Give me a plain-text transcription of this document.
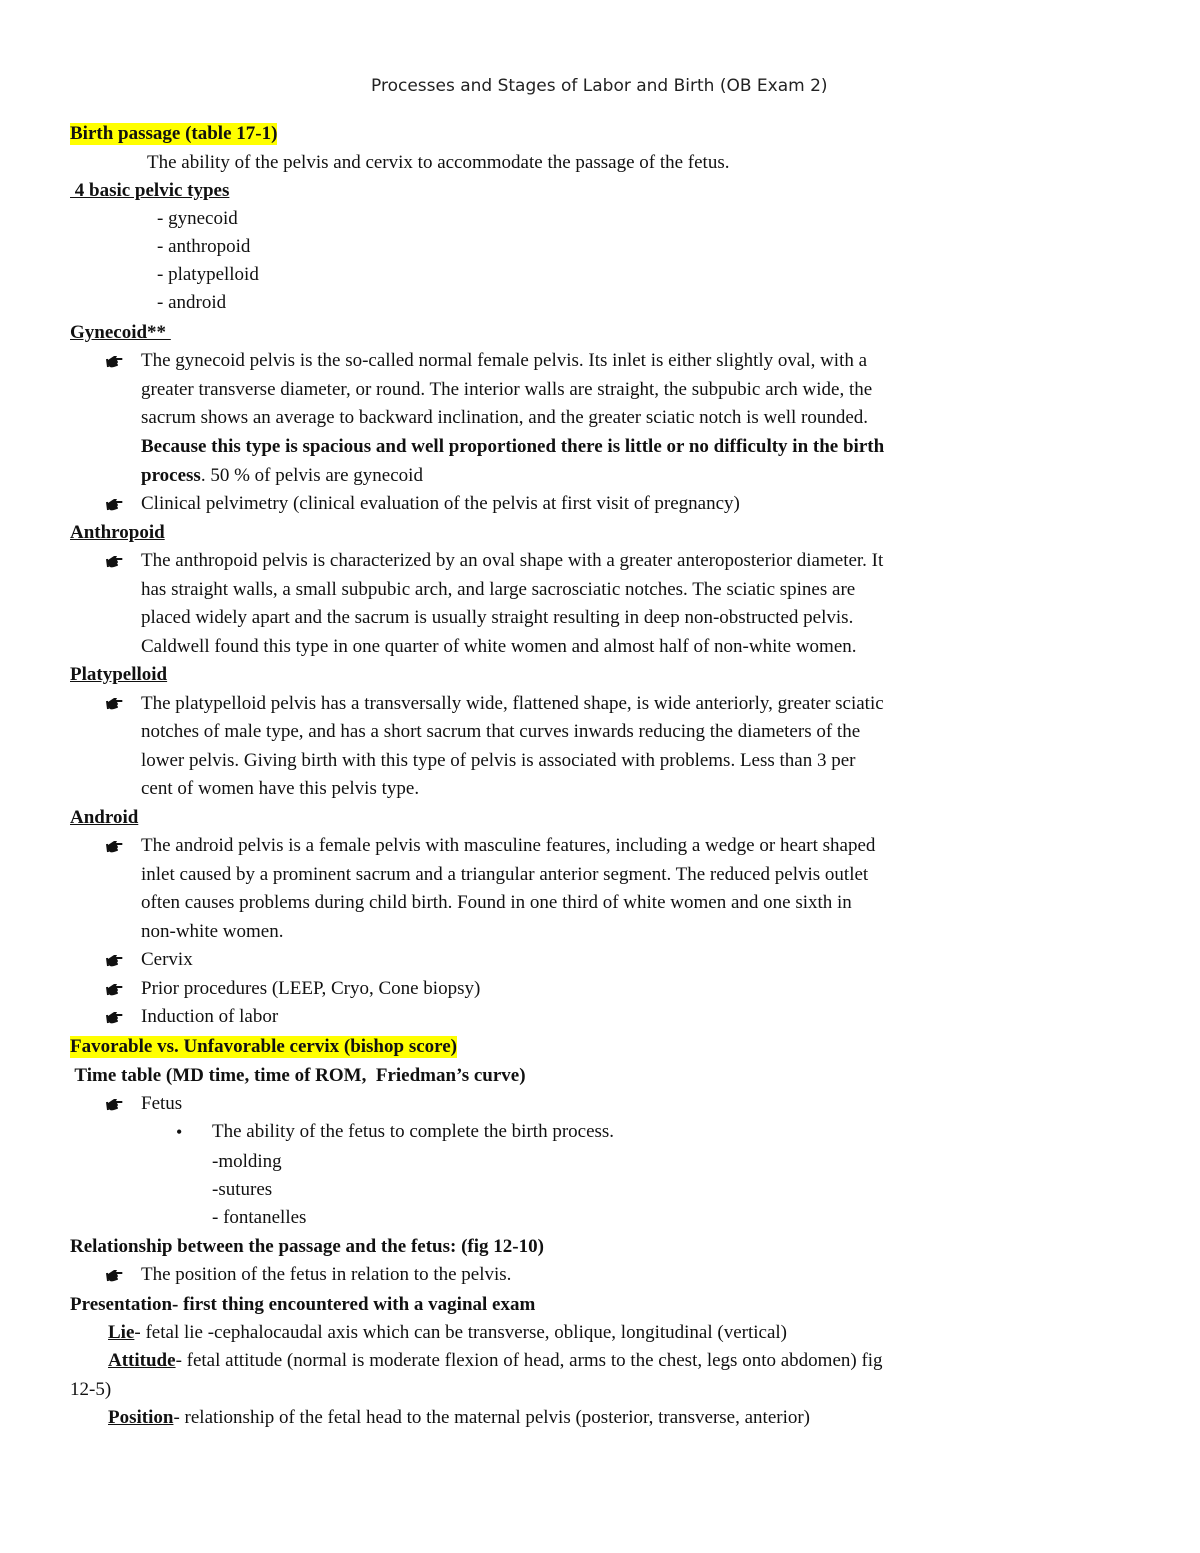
Processes and Stages of Labor and Birth (OB Exam 2)
Birth passage (table 17-1)
The ability of the pelvis and cervix to accommodate the passage of the fetus.
4 basic pelvic types
- gynecoid
- anthropoid
- platypelloid
- android
Gynecoid**
The gynecoid pelvis is the so-called normal female pelvis. Its inlet is either slightly oval, with a
greater transverse diameter, or round. The interior walls are straight, the subpubic arch wide, the
sacrum shows an average to backward inclination, and the greater sciatic notch is well rounded.
Because this type is spacious and well proportioned there is little or no difficulty in the birth
process. 50 % of pelvis are gynecoid
Clinical pelvimetry (clinical evaluation of the pelvis at first visit of pregnancy)
Anthropoid
The anthropoid pelvis is characterized by an oval shape with a greater anteroposterior diameter. It
has straight walls, a small subpubic arch, and large sacrosciatic notches. The sciatic spines are
placed widely apart and the sacrum is usually straight resulting in deep non-obstructed pelvis.
Caldwell found this type in one quarter of white women and almost half of non-white women.
Platypelloid
The platypelloid pelvis has a transversally wide, flattened shape, is wide anteriorly, greater sciatic
notches of male type, and has a short sacrum that curves inwards reducing the diameters of the
lower pelvis. Giving birth with this type of pelvis is associated with problems. Less than 3 per
cent of women have this pelvis type.
Android
The android pelvis is a female pelvis with masculine features, including a wedge or heart shaped
inlet caused by a prominent sacrum and a triangular anterior segment. The reduced pelvis outlet
often causes problems during child birth. Found in one third of white women and one sixth in
non-white women.
Cervix
Prior procedures (LEEP, Cryo, Cone biopsy)
Induction of labor
Favorable vs. Unfavorable cervix (bishop score)
Time table (MD time, time of ROM,  Friedman’s curve)
Fetus
• The ability of the fetus to complete the birth process.
-molding
-sutures
- fontanelles
Relationship between the passage and the fetus: (fig 12-10)
The position of the fetus in relation to the pelvis.
Presentation- first thing encountered with a vaginal exam
Lie- fetal lie -cephalocaudal axis which can be transverse, oblique, longitudinal (vertical)
Attitude- fetal attitude (normal is moderate flexion of head, arms to the chest, legs onto abdomen) fig
12-5)
Position- relationship of the fetal head to the maternal pelvis (posterior, transverse, anterior)
